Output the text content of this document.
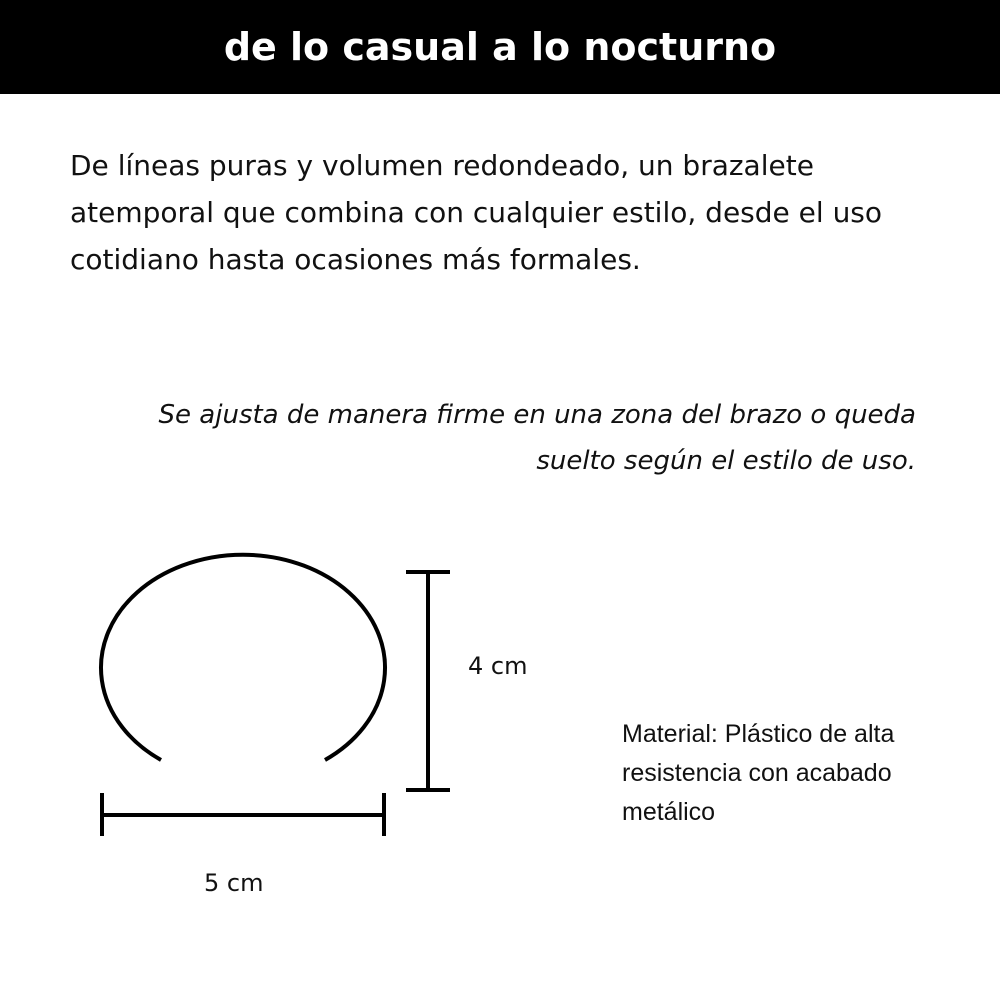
de lo casual a lo nocturno

De líneas puras y volumen redondeado, un brazalete atemporal que combina con cualquier estilo, desde el uso cotidiano hasta ocasiones más formales.

Se ajusta de manera firme en una zona del brazo o queda suelto según el estilo de uso.

4 cm
5 cm

Material: Plástico de alta resistencia con acabado metálico
